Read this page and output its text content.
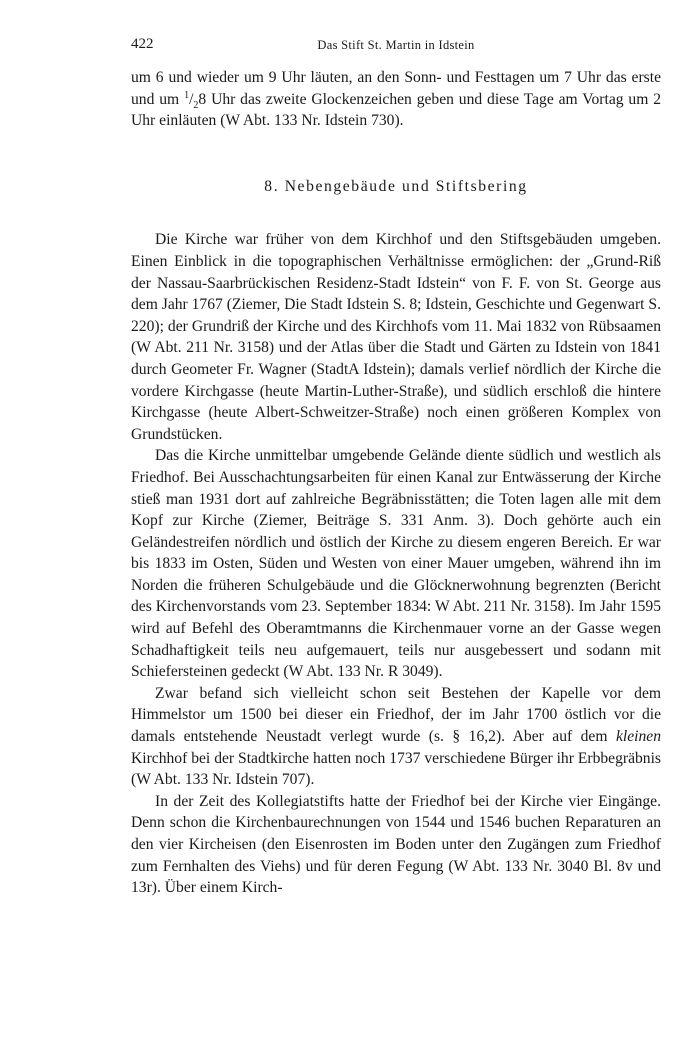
422	Das Stift St. Martin in Idstein

um 6 und wieder um 9 Uhr läuten, an den Sonn- und Festtagen um 7 Uhr das erste und um $^1/_28$ Uhr das zweite Glockenzeichen geben und diese Tage am Vortag um 2 Uhr einläuten (W Abt. 133 Nr. Idstein 730).

8. Nebengebäude und Stiftsbering

Die Kirche war früher von dem Kirchhof und den Stiftsgebäuden umgeben. Einen Einblick in die topographischen Verhältnisse ermöglichen: der „Grund-Riß der Nassau-Saarbrückischen Residenz-Stadt Idstein“ von F. F. von St. George aus dem Jahr 1767 (Ziemer, Die Stadt Idstein S. 8; Idstein, Geschichte und Gegenwart S. 220); der Grundriß der Kirche und des Kirchhofs vom 11. Mai 1832 von Rübsaamen (W Abt. 211 Nr. 3158) und der Atlas über die Stadt und Gärten zu Idstein von 1841 durch Geometer Fr. Wagner (StadtA Idstein); damals verlief nördlich der Kirche die vordere Kirchgasse (heute Martin-Luther-Straße), und südlich erschloß die hintere Kirchgasse (heute Albert-Schweitzer-Straße) noch einen größeren Komplex von Grundstücken.

Das die Kirche unmittelbar umgebende Gelände diente südlich und westlich als Friedhof. Bei Ausschachtungsarbeiten für einen Kanal zur Entwässerung der Kirche stieß man 1931 dort auf zahlreiche Begräbnisstätten; die Toten lagen alle mit dem Kopf zur Kirche (Ziemer, Beiträge S. 331 Anm. 3). Doch gehörte auch ein Geländestreifen nördlich und östlich der Kirche zu diesem engeren Bereich. Er war bis 1833 im Osten, Süden und Westen von einer Mauer umgeben, während ihn im Norden die früheren Schulgebäude und die Glöcknerwohnung begrenzten (Bericht des Kirchenvorstands vom 23. September 1834: W Abt. 211 Nr. 3158). Im Jahr 1595 wird auf Befehl des Oberamtmanns die Kirchenmauer vorne an der Gasse wegen Schadhaftigkeit teils neu aufgemauert, teils nur ausgebessert und sodann mit Schiefersteinen gedeckt (W Abt. 133 Nr. R 3049).

Zwar befand sich vielleicht schon seit Bestehen der Kapelle vor dem Himmelstor um 1500 bei dieser ein Friedhof, der im Jahr 1700 östlich vor die damals entstehende Neustadt verlegt wurde (s. § 16,2). Aber auf dem kleinen Kirchhof bei der Stadtkirche hatten noch 1737 verschiedene Bürger ihr Erbbegräbnis (W Abt. 133 Nr. Idstein 707).

In der Zeit des Kollegiatstifts hatte der Friedhof bei der Kirche vier Eingänge. Denn schon die Kirchenbaurechnungen von 1544 und 1546 buchen Reparaturen an den vier Kircheisen (den Eisenrosten im Boden unter den Zugängen zum Friedhof zum Fernhalten des Viehs) und für deren Fegung (W Abt. 133 Nr. 3040 Bl. 8v und 13r). Über einem Kirch-
